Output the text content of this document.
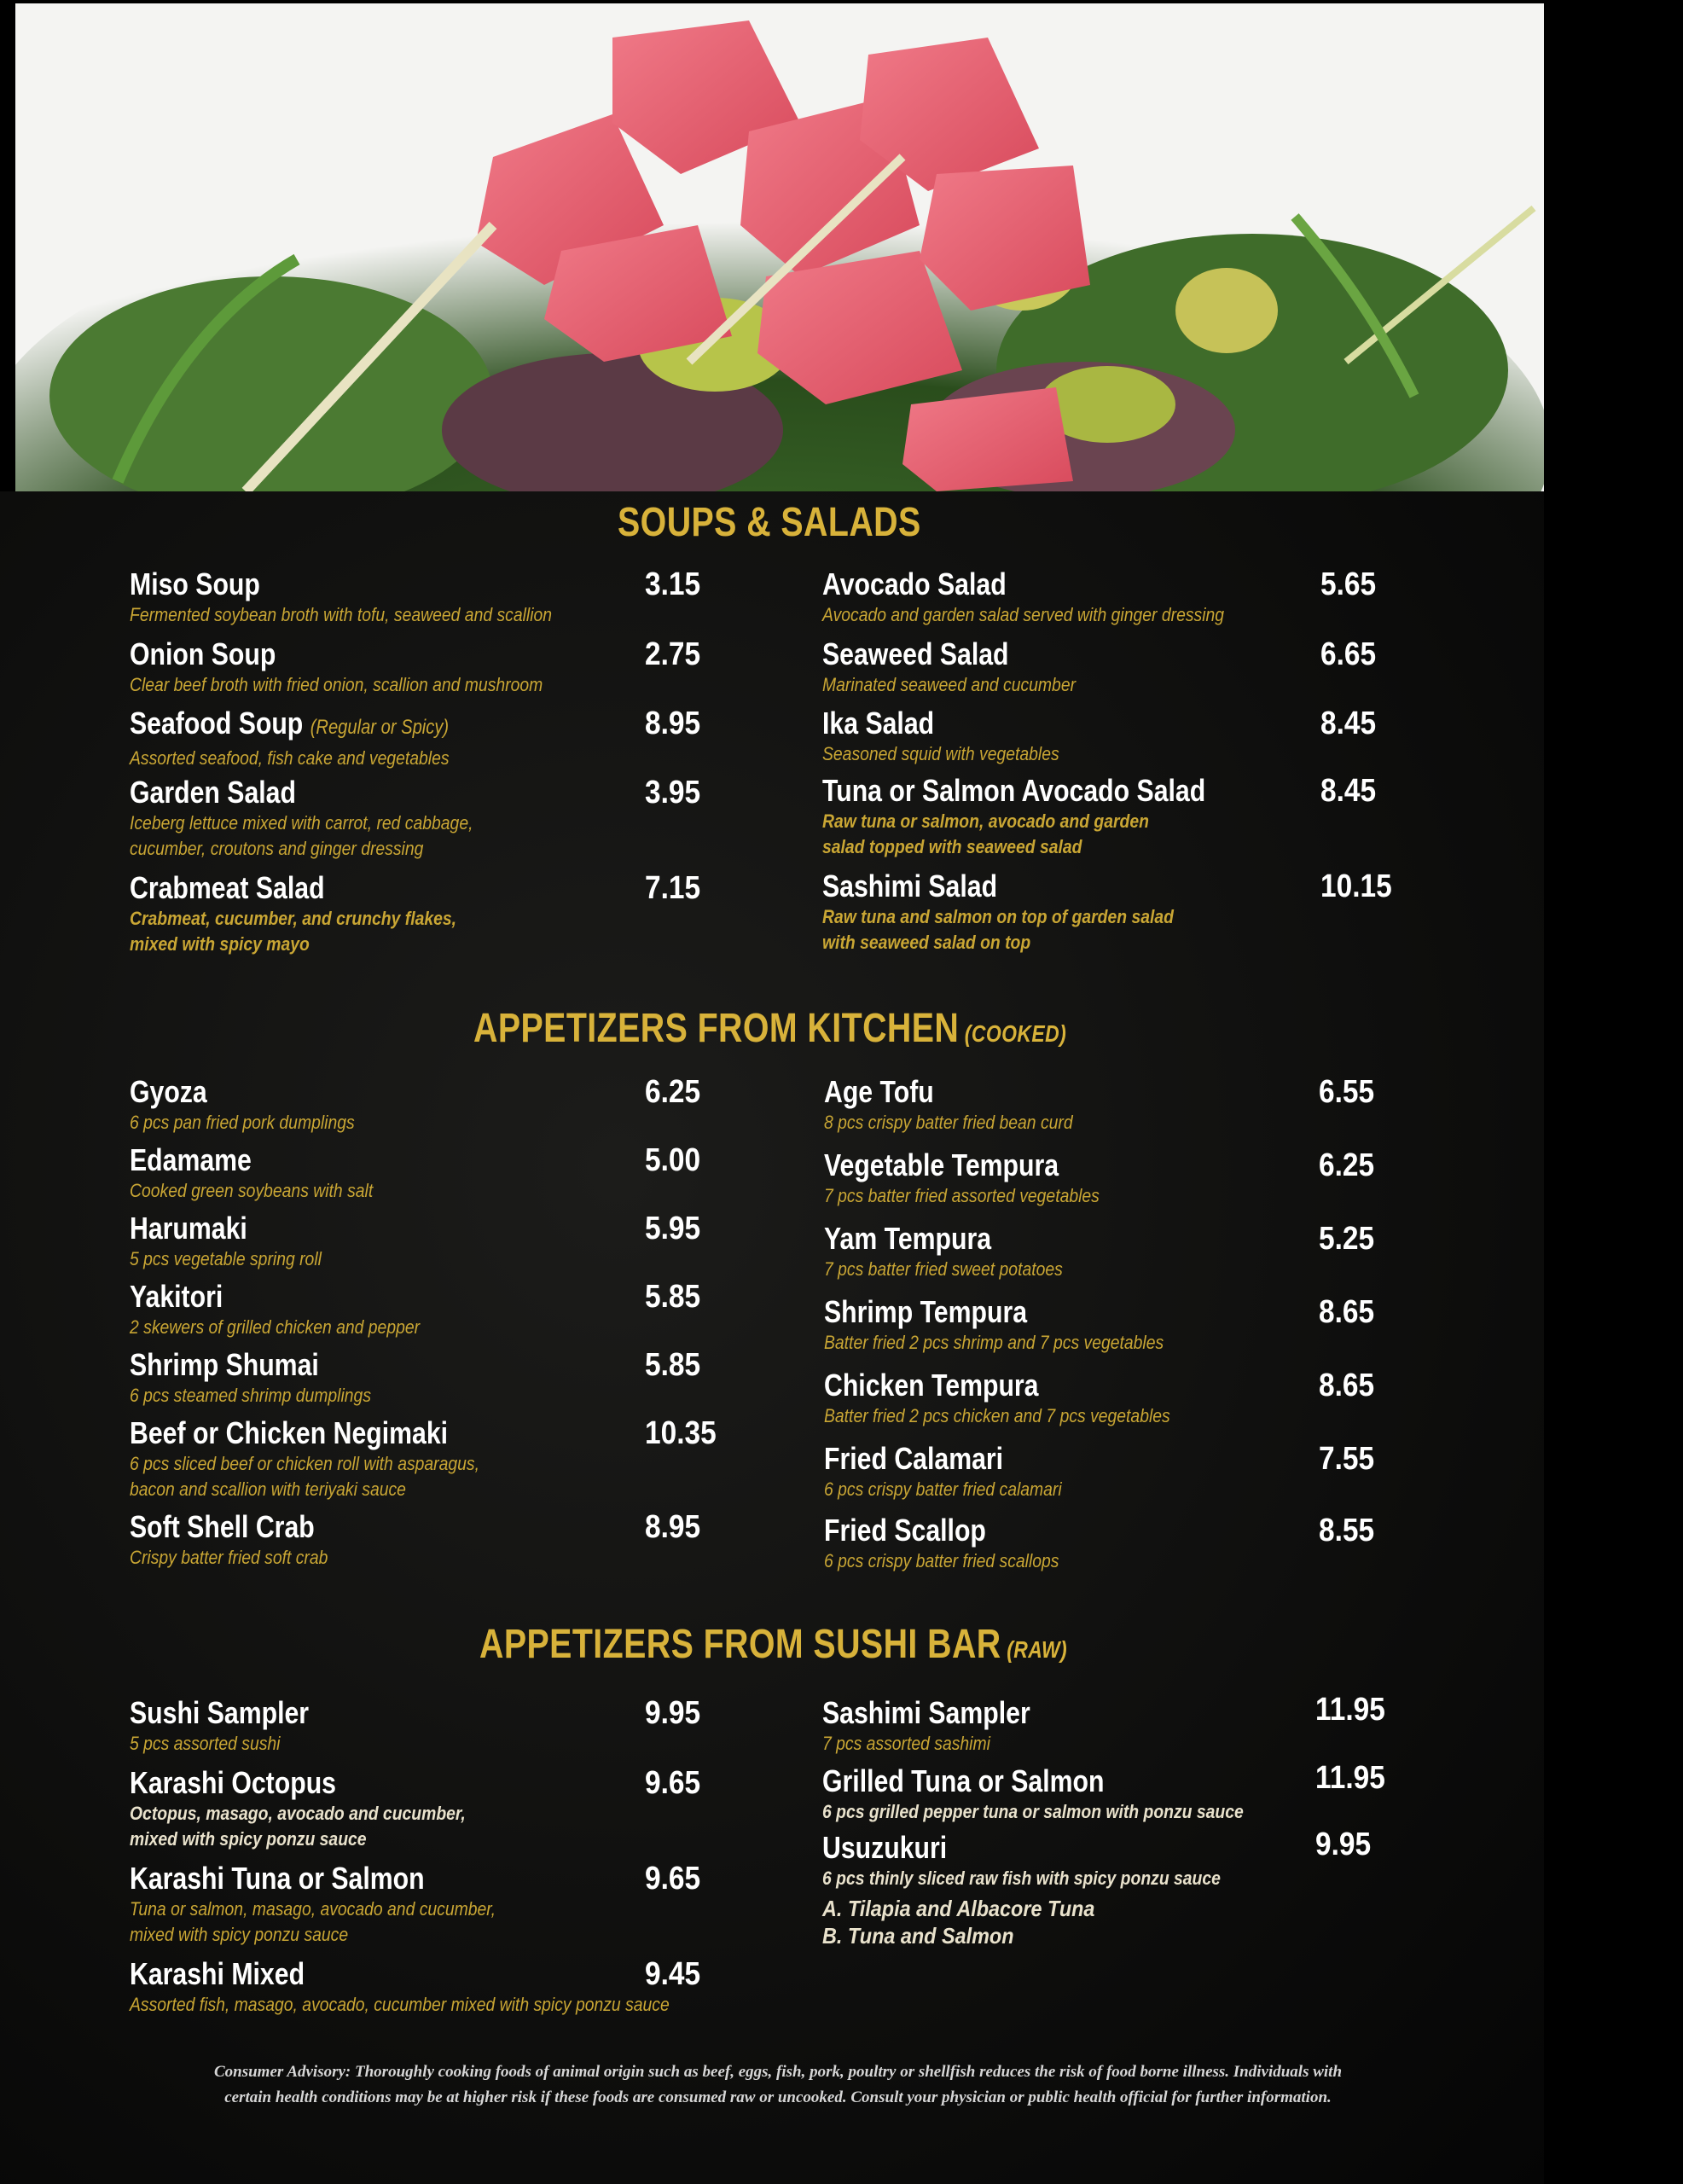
SOUPS & SALADS
Miso Soup
Fermented soybean broth with tofu, seaweed and scallion
3.15
Onion Soup
Clear beef broth with fried onion, scallion and mushroom
2.75
Seafood Soup (Regular or Spicy)
Assorted seafood, fish cake and vegetables
8.95
Garden Salad
Iceberg lettuce mixed with carrot, red cabbage,
cucumber, croutons and ginger dressing
3.95
Crabmeat Salad
Crabmeat, cucumber, and crunchy flakes,
mixed with spicy mayo
7.15
Avocado Salad
Avocado and garden salad served with ginger dressing
5.65
Seaweed Salad
Marinated seaweed and cucumber
6.65
Ika Salad
Seasoned squid with vegetables
8.45
Tuna or Salmon Avocado Salad
Raw tuna or salmon, avocado and garden
salad topped with seaweed salad
8.45
Sashimi Salad
Raw tuna and salmon on top of garden salad
with seaweed salad on top
10.15
APPETIZERS FROM KITCHEN (COOKED)
Gyoza
6 pcs pan fried pork dumplings
6.25
Edamame
Cooked green soybeans with salt
5.00
Harumaki
5 pcs vegetable spring roll
5.95
Yakitori
2 skewers of grilled chicken and pepper
5.85
Shrimp Shumai
6 pcs steamed shrimp dumplings
5.85
Beef or Chicken Negimaki
6 pcs sliced beef or chicken roll with asparagus,
bacon and scallion with teriyaki sauce
10.35
Soft Shell Crab
Crispy batter fried soft crab
8.95
Age Tofu
8 pcs crispy batter fried bean curd
6.55
Vegetable Tempura
7 pcs batter fried assorted vegetables
6.25
Yam Tempura
7 pcs batter fried sweet potatoes
5.25
Shrimp Tempura
Batter fried 2 pcs shrimp and 7 pcs vegetables
8.65
Chicken Tempura
Batter fried 2 pcs chicken and 7 pcs vegetables
8.65
Fried Calamari
6 pcs crispy batter fried calamari
7.55
Fried Scallop
6 pcs crispy batter fried scallops
8.55
APPETIZERS FROM SUSHI BAR (RAW)
Sushi Sampler
5 pcs assorted sushi
9.95
Karashi Octopus
Octopus, masago, avocado and cucumber,
mixed with spicy ponzu sauce
9.65
Karashi Tuna or Salmon
Tuna or salmon, masago, avocado and cucumber,
mixed with spicy ponzu sauce
9.65
Karashi Mixed
Assorted fish, masago, avocado, cucumber mixed with spicy ponzu sauce
9.45
Sashimi Sampler
7 pcs assorted sashimi
11.95
Grilled Tuna or Salmon
6 pcs grilled pepper tuna or salmon with ponzu sauce
11.95
Usuzukuri
6 pcs thinly sliced raw fish with spicy ponzu sauce
9.95
A. Tilapia and Albacore Tuna
B. Tuna and Salmon
Consumer Advisory: Thoroughly cooking foods of animal origin such as beef, eggs, fish, pork, poultry or shellfish reduces the risk of food borne illness. Individuals with
certain health conditions may be at higher risk if these foods are consumed raw or uncooked. Consult your physician or public health official for further information.
